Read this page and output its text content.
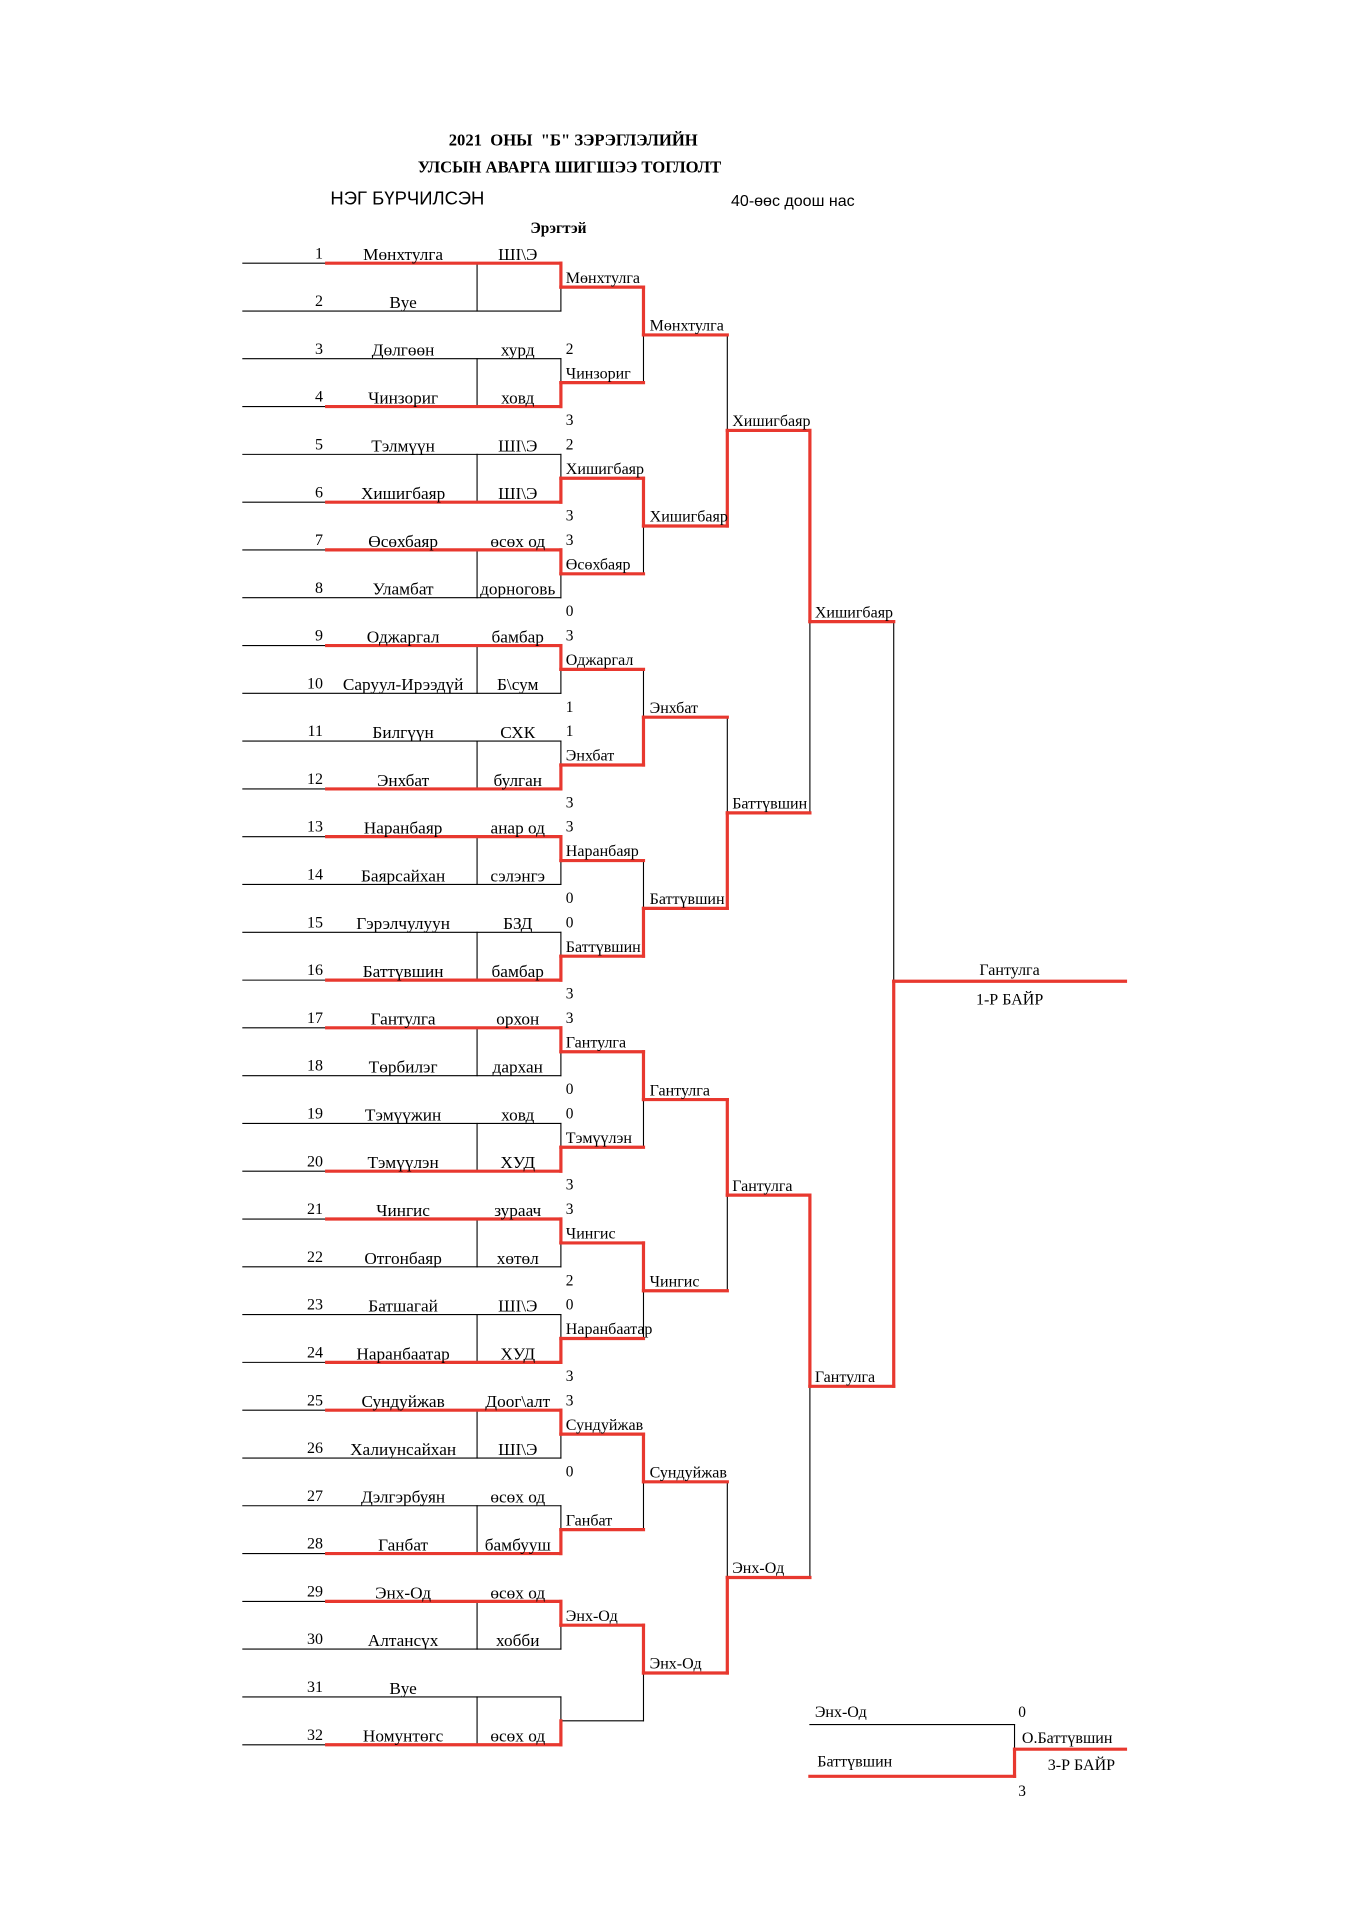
2021  ОНЫ  "Б" ЗЭРЭГЛЭЛИЙН
УЛСЫН АВАРГА ШИГШЭЭ ТОГЛОЛТ
НЭГ БҮРЧИЛСЭН	40-өөс доош нас
Эрэгтэй
1	Мөнхтулга	ШІ\Э
2	Вуе
3	Дөлгөөн	хурд 2
4	Чинзориг	ховд
3
5	Тэлмүүн	ШІ\Э 2
6	Хишигбаяр	ШІ\Э
3
7	Өсөхбаяр	өсөх од 3
8	Уламбат	дорноговь
0
9	Оджаргал	бамбар 3
10 Саруул-Ирээдүй Б\сум
1
11	Билгүүн	СХК 1
12	Энхбат	булган
3
13	Наранбаяр	анар од 3
14	Баярсайхан	сэлэнгэ
0
15 Гэрэлчулуун	БЗД	0
16	Баттүвшин	бамбар
3
17	Гантулга	орхон 3
18	Төрбилэг	дархан
0
19	Тэмүүжин	ховд	0
20	Тэмүүлэн	ХУД
3
21	Чингис	зураач 3
22	Отгонбаяр	хөтөл
2
23	Батшагай	ШІ\Э 0
24 Наранбаатар	ХУД
3
25	Сундуйжав	Доог\алт 3
26 Халиунсайхан	ШІ\Э
0
27	Дэлгэрбуян	өсөх од
28	Ганбат	бамбууш
29	Энх-Од	өсөх од
30	Алтансүх	хобби
31	Вуе
32	Номунтөгс	өсөх од
Мөнхтулга
Чинзориг
Хишигбаяр
Өсөхбаяр
Оджаргал
Энхбат
Наранбаяр
Баттүвшин
Гантулга
Тэмүүлэн
Чингис
Наранбаатар
Сундуйжав
Ганбат
Энх-Од
Мөнхтулга
Хишигбаяр
Энхбат
Баттүвшин
Гантулга
Чингис
Сундуйжав
Энх-Од
Хишигбаяр
Баттүвшин
Гантулга
Энх-Од
Хишигбаяр
Гантулга
Гантулга
1-Р БАЙР
Энх-Од
Баттүвшин
0
3
О.Баттүвшин
3-Р БАЙР
